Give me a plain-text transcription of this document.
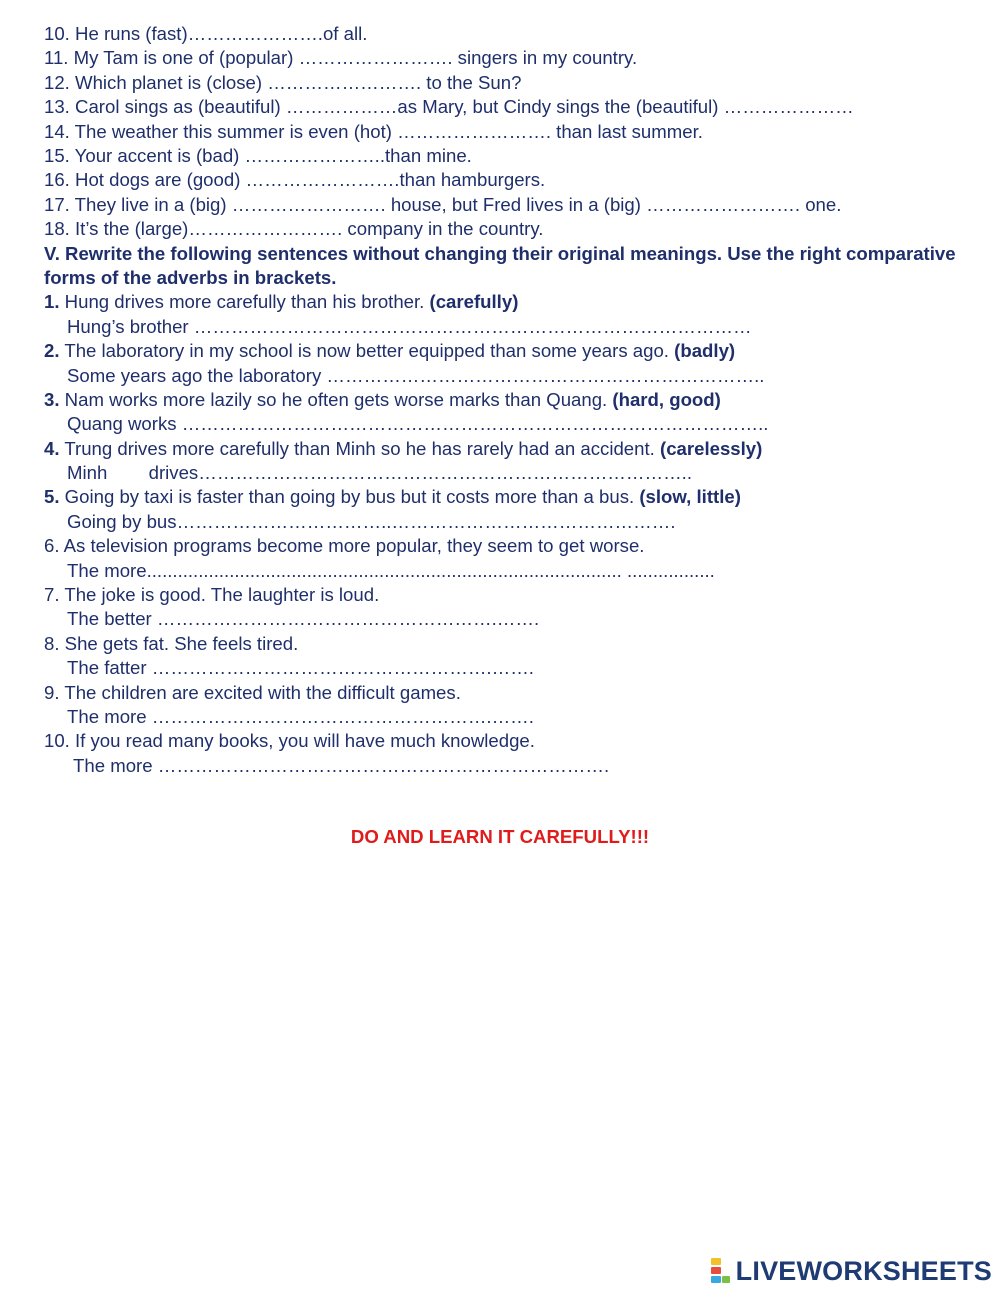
10. He runs (fast)………………….of all.
11. My Tam is one of (popular) ……………………. singers in my country.
12. Which planet is (close) ……………………. to the Sun?
13. Carol sings as (beautiful) ………………as Mary, but Cindy sings the (beautiful) …………………
14. The weather this summer is even (hot) ……………………. than last summer.
15. Your accent is (bad) …………………..than mine.
16. Hot dogs are (good) …………………….than hamburgers.
17. They live in a (big) ……………………. house, but Fred lives in a (big) ……………………. one.
18. It’s the (large)……………………. company in the country.
V. Rewrite the following sentences without changing their original meanings. Use the right comparative forms of the adverbs in brackets.
1. Hung drives more carefully than his brother. (carefully)
Hung’s brother ………………………………………………………………………………
2. The laboratory in my school is now better equipped than some years ago. (badly)
Some years ago the laboratory ……………………………………………………………..
3. Nam works more lazily so he often gets worse marks than Quang. (hard, good)
Quang works …………………………………………………………………………………..
4. Trung drives more carefully than Minh so he has rarely had an accident. (carelessly)
Minh        drives……………………………………………………………………..
5. Going by taxi is faster than going by bus but it costs more than a bus. (slow, little)
Going by bus……………………………..……………………………………….
6. As television programs become more popular, they seem to get worse.
The more............................................................................................ .................
7. The joke is good. The laughter is loud.
The better ……………………………………………….…….
8. She gets fat. She feels tired.
The fatter ……………………………………………….…….
9. The children are excited with the difficult games.
The more ……………………………………………….…….
10. If you read many books, you will have much knowledge.
The more ……………………………………………………………….
DO AND LEARN IT CAREFULLY!!!
LIVEWORKSHEETS
